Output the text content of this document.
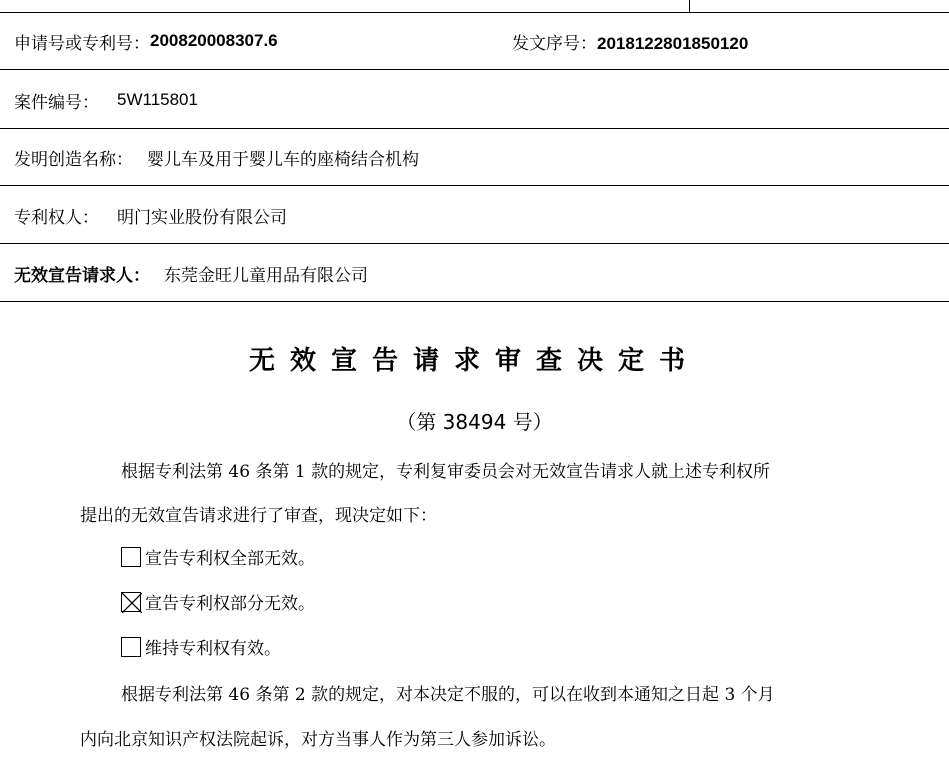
申请号或专利号： 200820008307.6	发文序号：2018122801850120
案件编号： 5W115801
发明创造名称： 婴儿车及用于婴儿车的座椅结合机构
专利权人： 明门实业股份有限公司
无效宣告请求人： 东莞金旺儿童用品有限公司
无效宣告请求审查决定书
（第 38494 号）
根据专利法第 46 条第 1 款的规定，专利复审委员会对无效宣告请求人就上述专利权所
提出的无效宣告请求进行了审查，现决定如下：
宣告专利权全部无效。
宣告专利权部分无效。
维持专利权有效。
根据专利法第 46 条第 2 款的规定，对本决定不服的，可以在收到本通知之日起 3 个月
内向北京知识产权法院起诉，对方当事人作为第三人参加诉讼。
